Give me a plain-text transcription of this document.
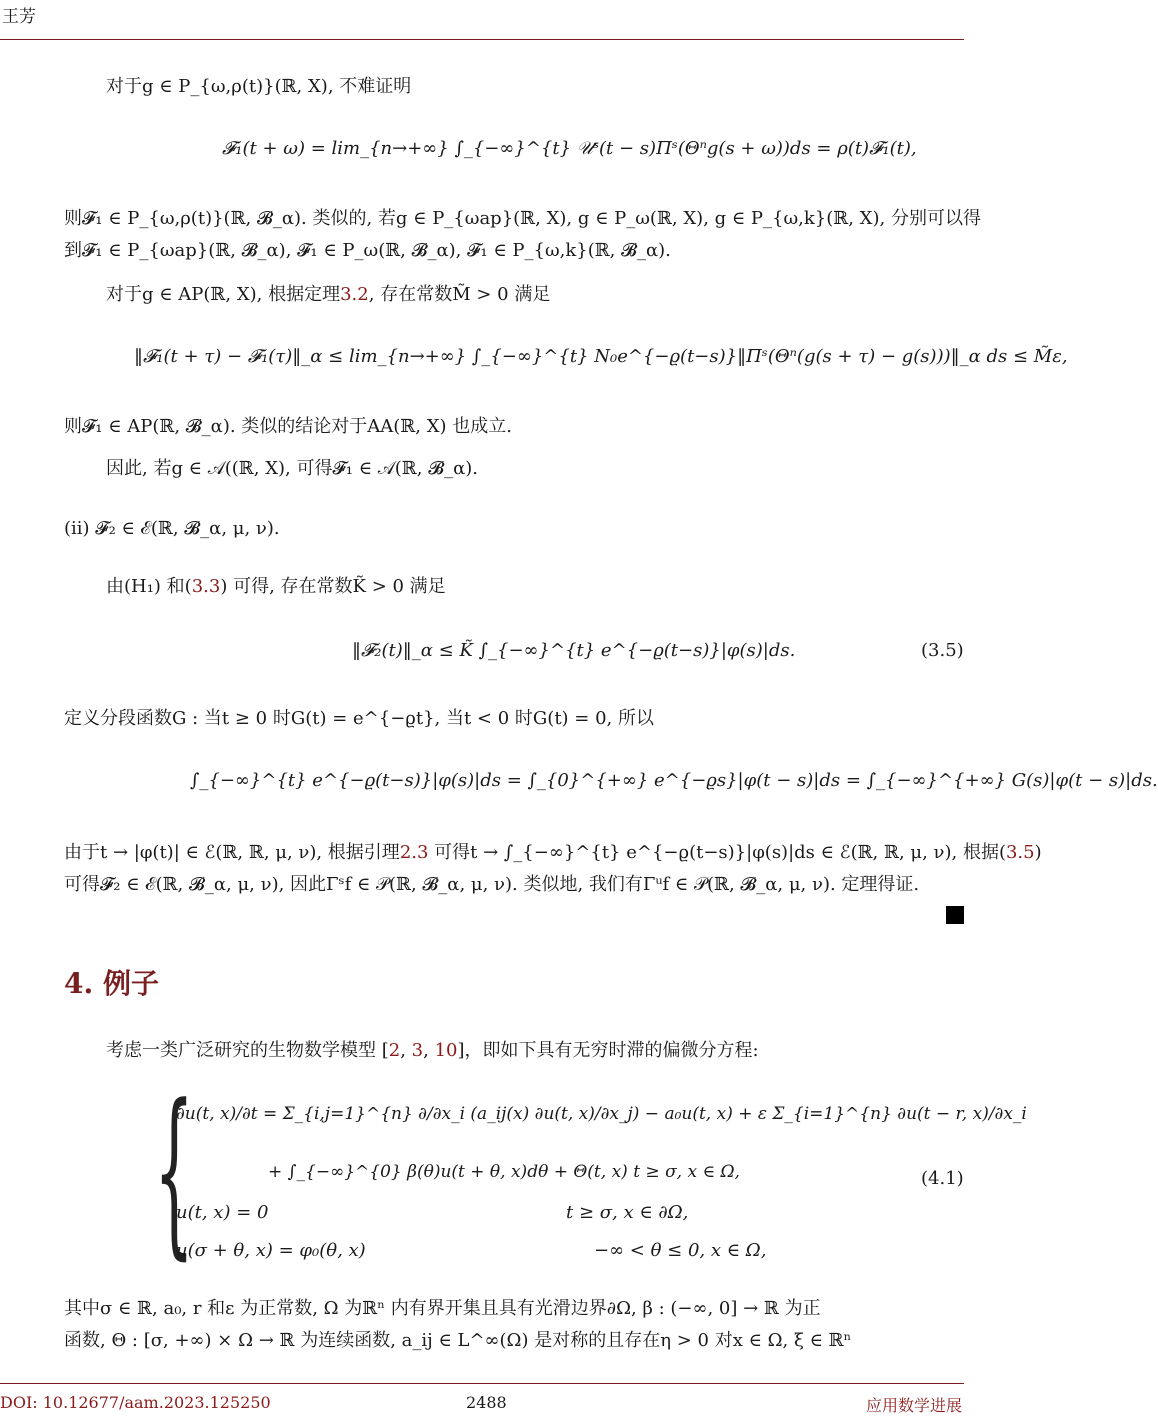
王芳
对于g ∈ P_{ω,ρ(t)}(ℝ, X), 不难证明
𝓕₁(t + ω) = lim_{n→+∞} ∫_{−∞}^{t} 𝒰ˢ(t − s)Πˢ(Θⁿg(s + ω))ds = ρ(t)𝓕₁(t),
则𝓕₁ ∈ P_{ω,ρ(t)}(ℝ, 𝓑_α). 类似的, 若g ∈ P_{ωap}(ℝ, X), g ∈ P_ω(ℝ, X), g ∈ P_{ω,k}(ℝ, X), 分别可以得
到𝓕₁ ∈ P_{ωap}(ℝ, 𝓑_α), 𝓕₁ ∈ P_ω(ℝ, 𝓑_α), 𝓕₁ ∈ P_{ω,k}(ℝ, 𝓑_α).
对于g ∈ AP(ℝ, X), 根据定理3.2, 存在常数M̃ > 0 满足
‖𝓕₁(t + τ) − 𝓕₁(τ)‖_α ≤ lim_{n→+∞} ∫_{−∞}^{t} N₀e^{−ϱ(t−s)}‖Πˢ(Θⁿ(g(s + τ) − g(s)))‖_α ds ≤ M̃ε,
则𝓕₁ ∈ AP(ℝ, 𝓑_α). 类似的结论对于AA(ℝ, X) 也成立.
因此, 若g ∈ 𝒜((ℝ, X), 可得𝓕₁ ∈ 𝒜(ℝ, 𝓑_α).
(ii) 𝓕₂ ∈ ℰ(ℝ, 𝓑_α, μ, ν).
由(H₁) 和(3.3) 可得, 存在常数K̃ > 0 满足
‖𝓕₂(t)‖_α ≤ K̃ ∫_{−∞}^{t} e^{−ϱ(t−s)}|φ(s)|ds.	(3.5)
定义分段函数G : 当t ≥ 0 时G(t) = e^{−ϱt}, 当t < 0 时G(t) = 0, 所以
∫_{−∞}^{t} e^{−ϱ(t−s)}|φ(s)|ds = ∫_{0}^{+∞} e^{−ϱs}|φ(t − s)|ds = ∫_{−∞}^{+∞} G(s)|φ(t − s)|ds.
由于t → |φ(t)| ∈ ℰ(ℝ, ℝ, μ, ν), 根据引理2.3 可得t → ∫_{−∞}^{t} e^{−ϱ(t−s)}|φ(s)|ds ∈ ℰ(ℝ, ℝ, μ, ν), 根据(3.5)
可得𝓕₂ ∈ ℰ(ℝ, 𝓑_α, μ, ν), 因此Γˢf ∈ 𝒫(ℝ, 𝓑_α, μ, ν). 类似地, 我们有Γᵘf ∈ 𝒫(ℝ, 𝓑_α, μ, ν). 定理得证.
4. 例子
考虑一类广泛研究的生物数学模型 [2, 3, 10]，即如下具有无穷时滞的偏微分方程:
{
∂u(t, x)/∂t = Σ_{i,j=1}^{n} ∂/∂x_i (a_ij(x) ∂u(t, x)/∂x_j) − a₀u(t, x) + ε Σ_{i=1}^{n} ∂u(t − r, x)/∂x_i
+ ∫_{−∞}^{0} β(θ)u(t + θ, x)dθ + Θ(t, x) t ≥ σ, x ∈ Ω,
u(t, x) = 0	t ≥ σ, x ∈ ∂Ω,
u(σ + θ, x) = φ₀(θ, x)	−∞ < θ ≤ 0, x ∈ Ω,
(4.1)
其中σ ∈ ℝ, a₀, r 和ε 为正常数, Ω 为ℝⁿ 内有界开集且具有光滑边界∂Ω, β : (−∞, 0] → ℝ 为正
函数, Θ : [σ, +∞) × Ω → ℝ 为连续函数, a_ij ∈ L^∞(Ω) 是对称的且存在η > 0 对x ∈ Ω, ξ ∈ ℝⁿ
DOI: 10.12677/aam.2023.125250	2488	应用数学进展
